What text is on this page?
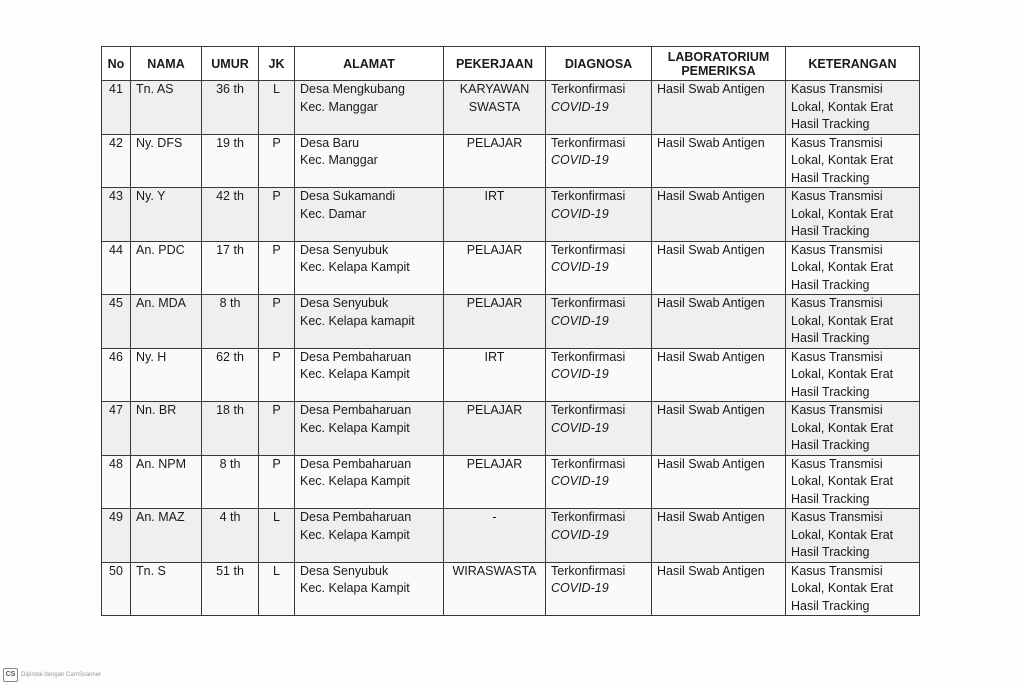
No	NAMA	UMUR	JK	ALAMAT	PEKERJAAN	DIAGNOSA	LABORATORIUM
PEMERIKSA	KETERANGAN
41	Tn. AS	36 th	L	Desa Mengkubang
Kec. Manggar	KARYAWAN
SWASTA	Terkonfirmasi
COVID-19	Hasil Swab Antigen	Kasus Transmisi
Lokal, Kontak Erat
Hasil Tracking

42	Ny. DFS	19 th	P	Desa Baru
Kec. Manggar	PELAJAR	Terkonfirmasi
COVID-19	Hasil Swab Antigen	Kasus Transmisi
Lokal, Kontak Erat
Hasil Tracking

43	Ny. Y	42 th	P	Desa Sukamandi
Kec. Damar	IRT	Terkonfirmasi
COVID-19	Hasil Swab Antigen	Kasus Transmisi
Lokal, Kontak Erat
Hasil Tracking

44	An. PDC	17 th	P	Desa Senyubuk
Kec. Kelapa Kampit	PELAJAR	Terkonfirmasi
COVID-19	Hasil Swab Antigen	Kasus Transmisi
Lokal, Kontak Erat
Hasil Tracking

45	An. MDA	8 th	P	Desa Senyubuk
Kec. Kelapa kamapit	PELAJAR	Terkonfirmasi
COVID-19	Hasil Swab Antigen	Kasus Transmisi
Lokal, Kontak Erat
Hasil Tracking

46	Ny. H	62 th	P	Desa Pembaharuan
Kec. Kelapa Kampit	IRT	Terkonfirmasi
COVID-19	Hasil Swab Antigen	Kasus Transmisi
Lokal, Kontak Erat
Hasil Tracking

47	Nn. BR	18 th	P	Desa Pembaharuan
Kec. Kelapa Kampit	PELAJAR	Terkonfirmasi
COVID-19	Hasil Swab Antigen	Kasus Transmisi
Lokal, Kontak Erat
Hasil Tracking

48	An. NPM	8 th	P	Desa Pembaharuan
Kec. Kelapa Kampit	PELAJAR	Terkonfirmasi
COVID-19	Hasil Swab Antigen	Kasus Transmisi
Lokal, Kontak Erat
Hasil Tracking

49	An. MAZ	4 th	L	Desa Pembaharuan
Kec. Kelapa Kampit	-	Terkonfirmasi
COVID-19	Hasil Swab Antigen	Kasus Transmisi
Lokal, Kontak Erat
Hasil Tracking

50	Tn. S	51 th	L	Desa Senyubuk
Kec. Kelapa Kampit	WIRASWASTA	Terkonfirmasi
COVID-19	Hasil Swab Antigen	Kasus Transmisi
Lokal, Kontak Erat
Hasil Tracking
CS Dipindai dengan CamScanner
